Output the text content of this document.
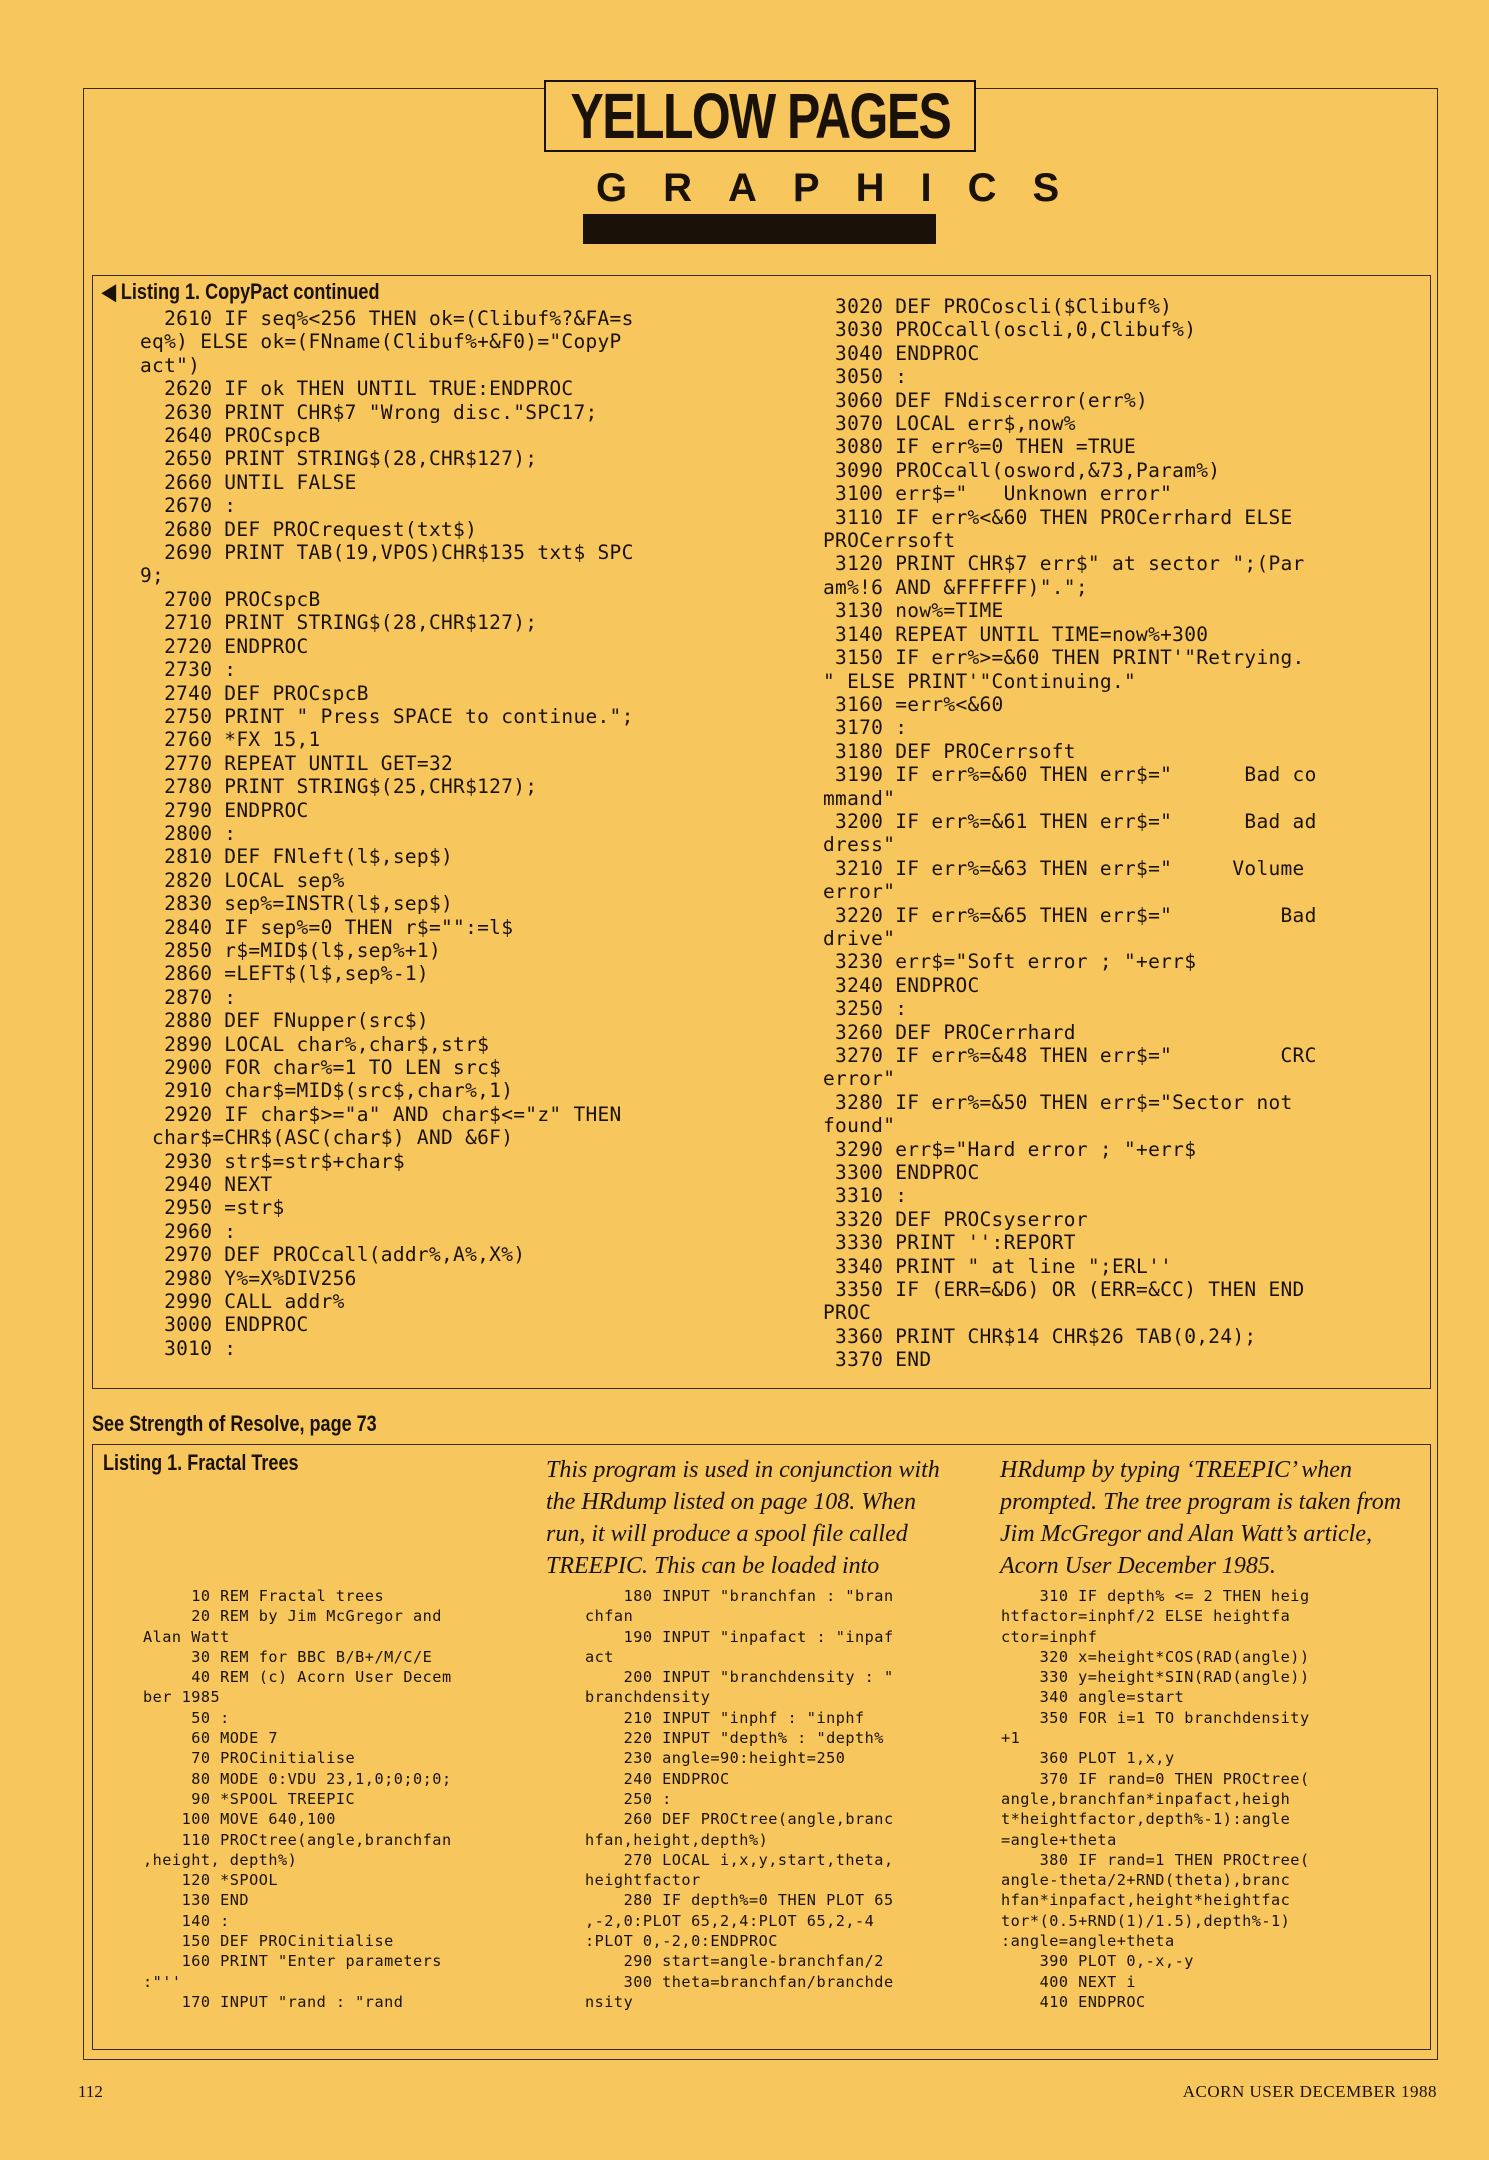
YELLOW PAGES
GRAPHICS
◀ Listing 1. CopyPact continued
2610 IF seq%<256 THEN ok=(Clibuf%?&FA=s
eq%) ELSE ok=(FNname(Clibuf%+&F0)="CopyP
act")
2620 IF ok THEN UNTIL TRUE:ENDPROC
2630 PRINT CHR$7 "Wrong disc."SPC17;
2640 PROCspcB
2650 PRINT STRING$(28,CHR$127);
2660 UNTIL FALSE
2670 :
2680 DEF PROCrequest(txt$)
2690 PRINT TAB(19,VPOS)CHR$135 txt$ SPC
9;
2700 PROCspcB
2710 PRINT STRING$(28,CHR$127);
2720 ENDPROC
2730 :
2740 DEF PROCspcB
2750 PRINT " Press SPACE to continue.";
2760 *FX 15,1
2770 REPEAT UNTIL GET=32
2780 PRINT STRING$(25,CHR$127);
2790 ENDPROC
2800 :
2810 DEF FNleft(l$,sep$)
2820 LOCAL sep%
2830 sep%=INSTR(l$,sep$)
2840 IF sep%=0 THEN r$="":=l$
2850 r$=MID$(l$,sep%+1)
2860 =LEFT$(l$,sep%-1)
2870 :
2880 DEF FNupper(src$)
2890 LOCAL char%,char$,str$
2900 FOR char%=1 TO LEN src$
2910 char$=MID$(src$,char%,1)
2920 IF char$>="a" AND char$<="z" THEN
char$=CHR$(ASC(char$) AND &6F)
2930 str$=str$+char$
2940 NEXT
2950 =str$
2960 :
2970 DEF PROCcall(addr%,A%,X%)
2980 Y%=X%DIV256
2990 CALL addr%
3000 ENDPROC
3010 :
3020 DEF PROCoscli($Clibuf%)
3030 PROCcall(oscli,0,Clibuf%)
3040 ENDPROC
3050 :
3060 DEF FNdiscerror(err%)
3070 LOCAL err$,now%
3080 IF err%=0 THEN =TRUE
3090 PROCcall(osword,&73,Param%)
3100 err$="   Unknown error"
3110 IF err%<&60 THEN PROCerrhard ELSE
PROCerrsoft
3120 PRINT CHR$7 err$" at sector ";(Par
am%!6 AND &FFFFFF)".";
3130 now%=TIME
3140 REPEAT UNTIL TIME=now%+300
3150 IF err%>=&60 THEN PRINT'"Retrying.
" ELSE PRINT'"Continuing."
3160 =err%<&60
3170 :
3180 DEF PROCerrsoft
3190 IF err%=&60 THEN err$="      Bad co
mmand"
3200 IF err%=&61 THEN err$="      Bad ad
dress"
3210 IF err%=&63 THEN err$="     Volume
error"
3220 IF err%=&65 THEN err$="         Bad
drive"
3230 err$="Soft error ; "+err$
3240 ENDPROC
3250 :
3260 DEF PROCerrhard
3270 IF err%=&48 THEN err$="         CRC
error"
3280 IF err%=&50 THEN err$="Sector not
found"
3290 err$="Hard error ; "+err$
3300 ENDPROC
3310 :
3320 DEF PROCsyserror
3330 PRINT '':REPORT
3340 PRINT " at line ";ERL''
3350 IF (ERR=&D6) OR (ERR=&CC) THEN END
PROC
3360 PRINT CHR$14 CHR$26 TAB(0,24);
3370 END
See Strength of Resolve, page 73
Listing 1. Fractal Trees	This program is used in conjunction with the HRdump listed on page 108. When run, it will produce a spool file called TREEPIC. This can be loaded into
HRdump by typing ‘TREEPIC’ when prompted. The tree program is taken from Jim McGregor and Alan Watt’s article, Acorn User December 1985.
10 REM Fractal trees
20 REM by Jim McGregor and
Alan Watt
30 REM for BBC B/B+/M/C/E
40 REM (c) Acorn User Decem
ber 1985
50 :
60 MODE 7
70 PROCinitialise
80 MODE 0:VDU 23,1,0;0;0;0;
90 *SPOOL TREEPIC
100 MOVE 640,100
110 PROCtree(angle,branchfan
,height, depth%)
120 *SPOOL
130 END
140 :
150 DEF PROCinitialise
160 PRINT "Enter parameters
:"''
170 INPUT "rand : "rand
180 INPUT "branchfan : "bran
chfan
190 INPUT "inpafact : "inpaf
act
200 INPUT "branchdensity : "
branchdensity
210 INPUT "inphf : "inphf
220 INPUT "depth% : "depth%
230 angle=90:height=250
240 ENDPROC
250 :
260 DEF PROCtree(angle,branc
hfan,height,depth%)
270 LOCAL i,x,y,start,theta,
heightfactor
280 IF depth%=0 THEN PLOT 65
,-2,0:PLOT 65,2,4:PLOT 65,2,-4
:PLOT 0,-2,0:ENDPROC
290 start=angle-branchfan/2
300 theta=branchfan/branchde
nsity
310 IF depth% <= 2 THEN heig
htfactor=inphf/2 ELSE heightfa
ctor=inphf
320 x=height*COS(RAD(angle))
330 y=height*SIN(RAD(angle))
340 angle=start
350 FOR i=1 TO branchdensity
+1
360 PLOT 1,x,y
370 IF rand=0 THEN PROCtree(
angle,branchfan*inpafact,heigh
t*heightfactor,depth%-1):angle
=angle+theta
380 IF rand=1 THEN PROCtree(
angle-theta/2+RND(theta),branc
hfan*inpafact,height*heightfac
tor*(0.5+RND(1)/1.5),depth%-1)
:angle=angle+theta
390 PLOT 0,-x,-y
400 NEXT i
410 ENDPROC
112	ACORN USER DECEMBER 1988
